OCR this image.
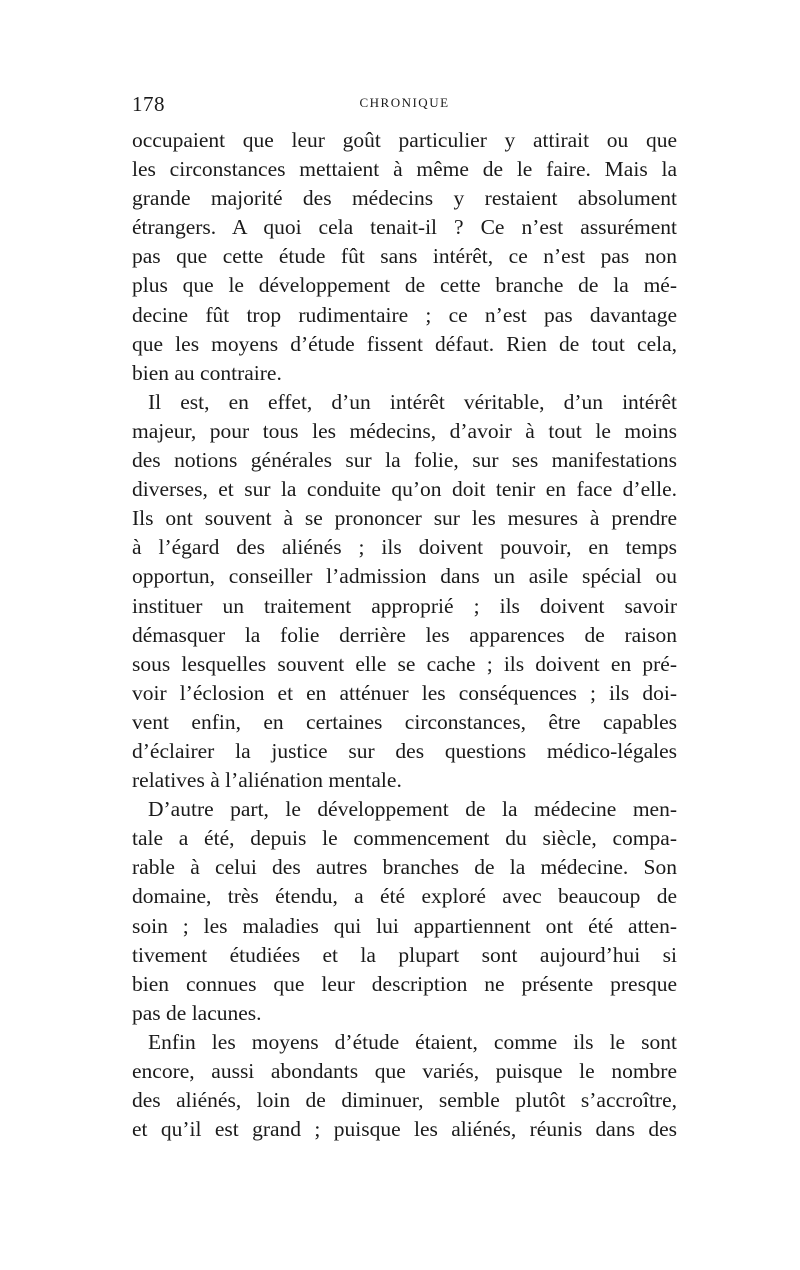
178	CHRONIQUE
occupaient que leur goût particulier y attirait ou que
les circonstances mettaient à même de le faire. Mais la
grande majorité des médecins y restaient absolument
étrangers. A quoi cela tenait-il ? Ce n’est assurément
pas que cette étude fût sans intérêt, ce n’est pas non
plus que le développement de cette branche de la mé-
decine fût trop rudimentaire ; ce n’est pas davantage
que les moyens d’étude fissent défaut. Rien de tout cela,
bien au contraire.
Il est, en effet, d’un intérêt véritable, d’un intérêt
majeur, pour tous les médecins, d’avoir à tout le moins
des notions générales sur la folie, sur ses manifestations
diverses, et sur la conduite qu’on doit tenir en face d’elle.
Ils ont souvent à se prononcer sur les mesures à prendre
à l’égard des aliénés ; ils doivent pouvoir, en temps
opportun, conseiller l’admission dans un asile spécial ou
instituer un traitement approprié ; ils doivent savoir
démasquer la folie derrière les apparences de raison
sous lesquelles souvent elle se cache ; ils doivent en pré-
voir l’éclosion et en atténuer les conséquences ; ils doi-
vent enfin, en certaines circonstances, être capables
d’éclairer la justice sur des questions médico-légales
relatives à l’aliénation mentale.
D’autre part, le développement de la médecine men-
tale a été, depuis le commencement du siècle, compa-
rable à celui des autres branches de la médecine. Son
domaine, très étendu, a été exploré avec beaucoup de
soin ; les maladies qui lui appartiennent ont été atten-
tivement étudiées et la plupart sont aujourd’hui si
bien connues que leur description ne présente presque
pas de lacunes.
Enfin les moyens d’étude étaient, comme ils le sont
encore, aussi abondants que variés, puisque le nombre
des aliénés, loin de diminuer, semble plutôt s’accroître,
et qu’il est grand ; puisque les aliénés, réunis dans des
